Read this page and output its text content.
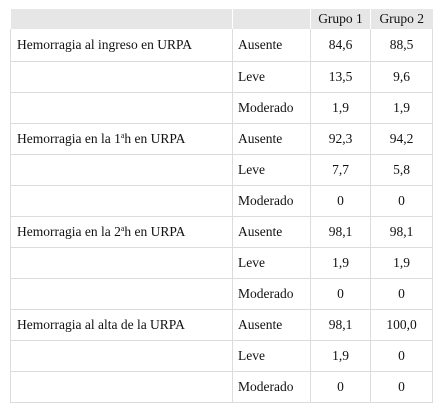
		Grupo 1	Grupo 2
Hemorragia al ingreso en URPA	Ausente	84,6	88,5
	Leve	13,5	9,6
	Moderado	1,9	1,9
Hemorragia en la 1$^a$h en URPA	Ausente	92,3	94,2
	Leve	7,7	5,8
	Moderado	0	0
Hemorragia en la 2$^a$h en URPA	Ausente	98,1	98,1
	Leve	1,9	1,9
	Moderado	0	0
Hemorragia al alta de la URPA	Ausente	98,1	100,0
	Leve	1,9	0
	Moderado	0	0
